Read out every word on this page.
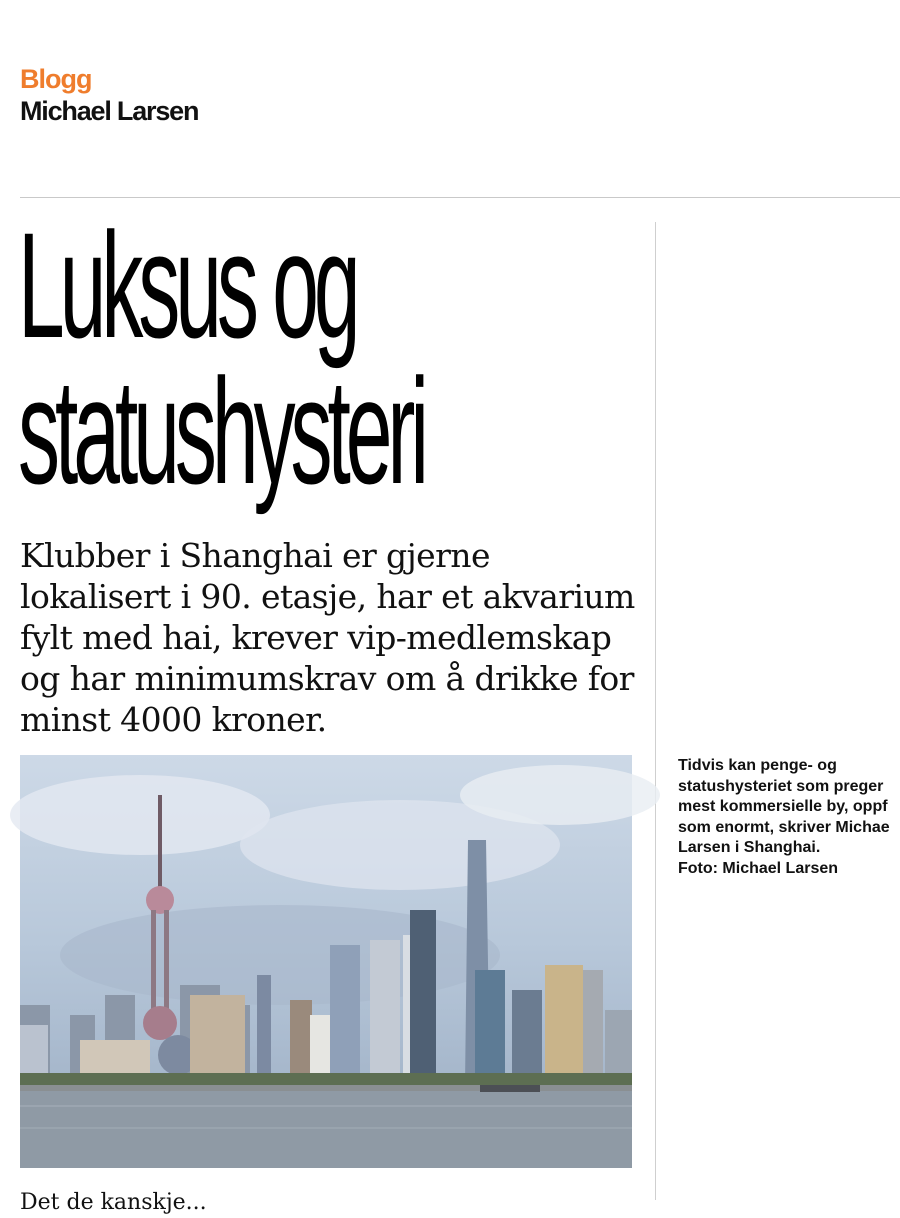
Blogg
Michael Larsen
Luksus og
statushysteri

Klubber i Shanghai er gjerne lokalisert i 90. etasje, har et akvarium fylt med hai, krever vip-medlemskap og har minimumskrav om å drikke for minst 4000 kroner.

Tidvis kan penge- og
statushysteriet som preger
mest kommersielle by, oppf
som enormt, skriver Michae
Larsen i Shanghai.
Foto: Michael Larsen
Det de kanskje...
